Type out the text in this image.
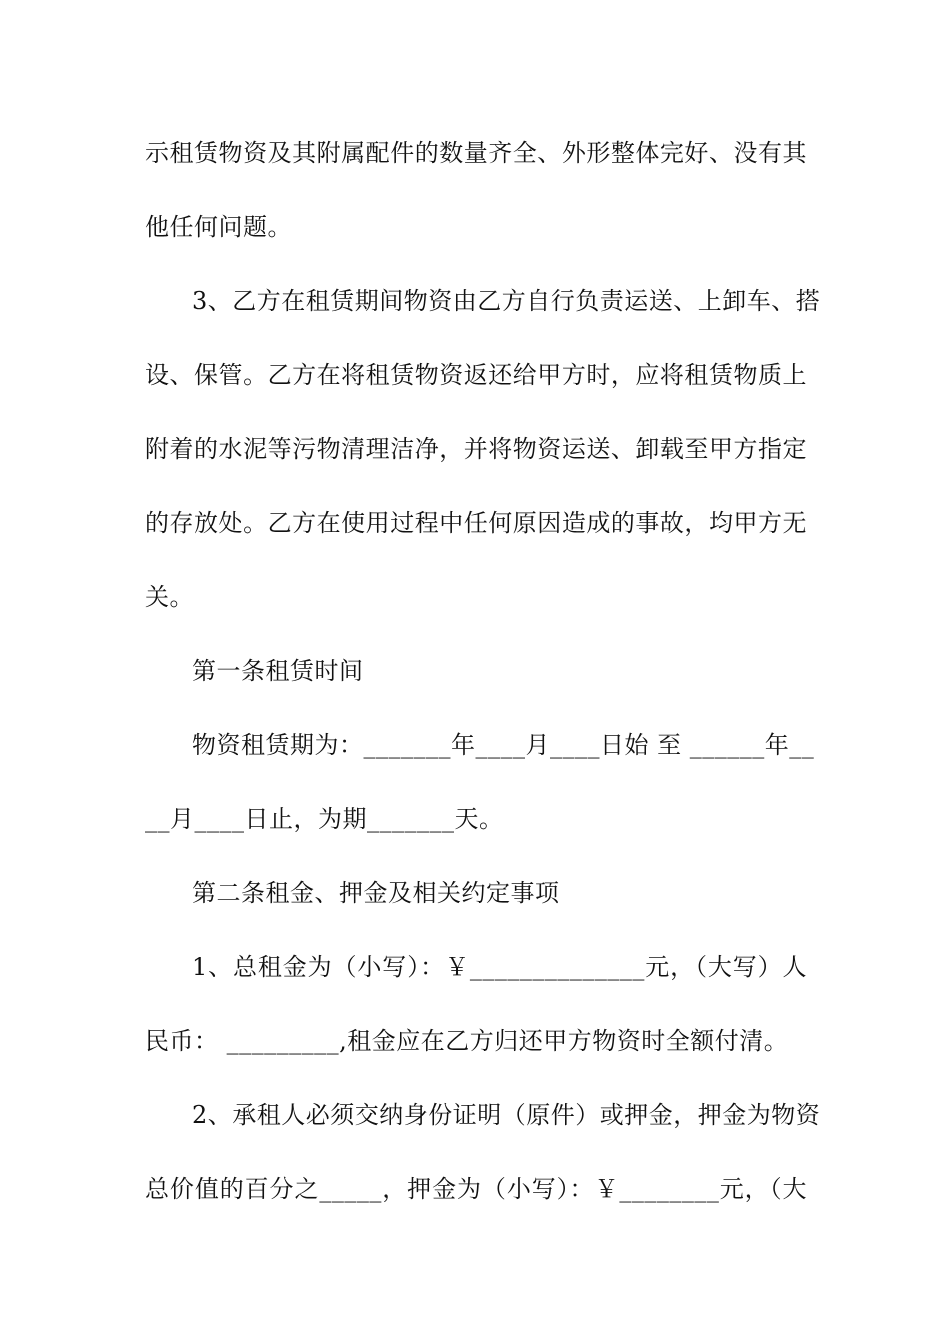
示租赁物资及其附属配件的数量齐全、外形整体完好、没有其
他任何问题。
3、乙方在租赁期间物资由乙方自行负责运送、上卸车、搭
设、保管。乙方在将租赁物资返还给甲方时，应将租赁物质上
附着的水泥等污物清理洁净，并将物资运送、卸载至甲方指定
的存放处。乙方在使用过程中任何原因造成的事故，均甲方无
关。
第一条租赁时间
物资租赁期为：_______年____月____日始 至 ______年__
__月____日止，为期_______天。
第二条租金、押金及相关约定事项
1、总租金为（小写）：￥______________元，（大写）人
民币： _________,租金应在乙方归还甲方物资时全额付清。
2、承租人必须交纳身份证明（原件）或押金，押金为物资
总价值的百分之_____，押金为（小写）：￥________元，（大
